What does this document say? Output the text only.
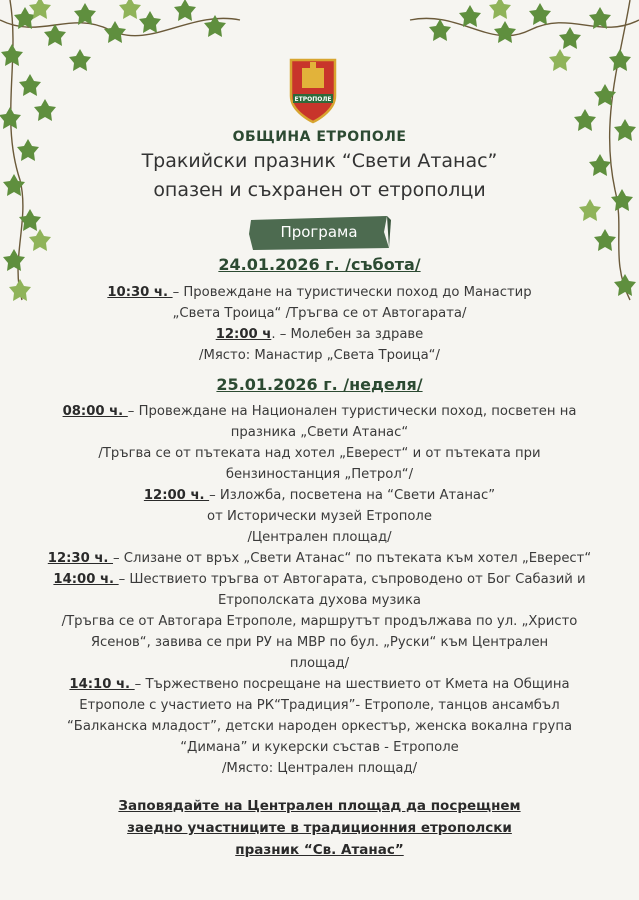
ЕТРОПОЛЕ
ОБЩИНА ЕТРОПОЛЕ
Тракийски празник “Свети Атанас”
опазен и съхранен от етрополци
Програма
24.01.2026 г. /събота/
10:30 ч. – Провеждане на туристически поход до Манастир
„Света Троица“ /Тръгва се от Автогарата/
12:00 ч. – Молебен за здраве
/Място: Манастир „Света Троица“/
25.01.2026 г. /неделя/
08:00 ч. – Провеждане на Национален туристически поход, посветен на
празника „Свети Атанас“
/Тръгва се от пътеката над хотел „Еверест“ и от пътеката при
бензиностанция „Петрол“/
12:00 ч. – Изложба, посветена на “Свети Атанас”
от Исторически музей Етрополе
/Централен площад/
12:30 ч. – Слизане от връх „Свети Атанас“ по пътеката към хотел „Еверест“
14:00 ч. – Шествието тръгва от Автогарата, съпроводено от Бог Сабазий и
Етрополската духова музика
/Тръгва се от Автогара Етрополе, маршрутът продължава по ул. „Христо
Ясенов“, завива се при РУ на МВР по бул. „Руски“ към Централен
площад/
14:10 ч. – Тържествено посрещане на шествието от Кмета на Община
Етрополе с участието на РК“Традиция”- Етрополе, танцов ансамбъл
“Балканска младост”, детски народен оркестър, женска вокална група
“Димана” и кукерски състав - Етрополе
/Място: Централен площад/
Заповядайте на Централен площад да посрещнем
заедно участниците в традиционния етрополски
празник “Св. Атанас”
